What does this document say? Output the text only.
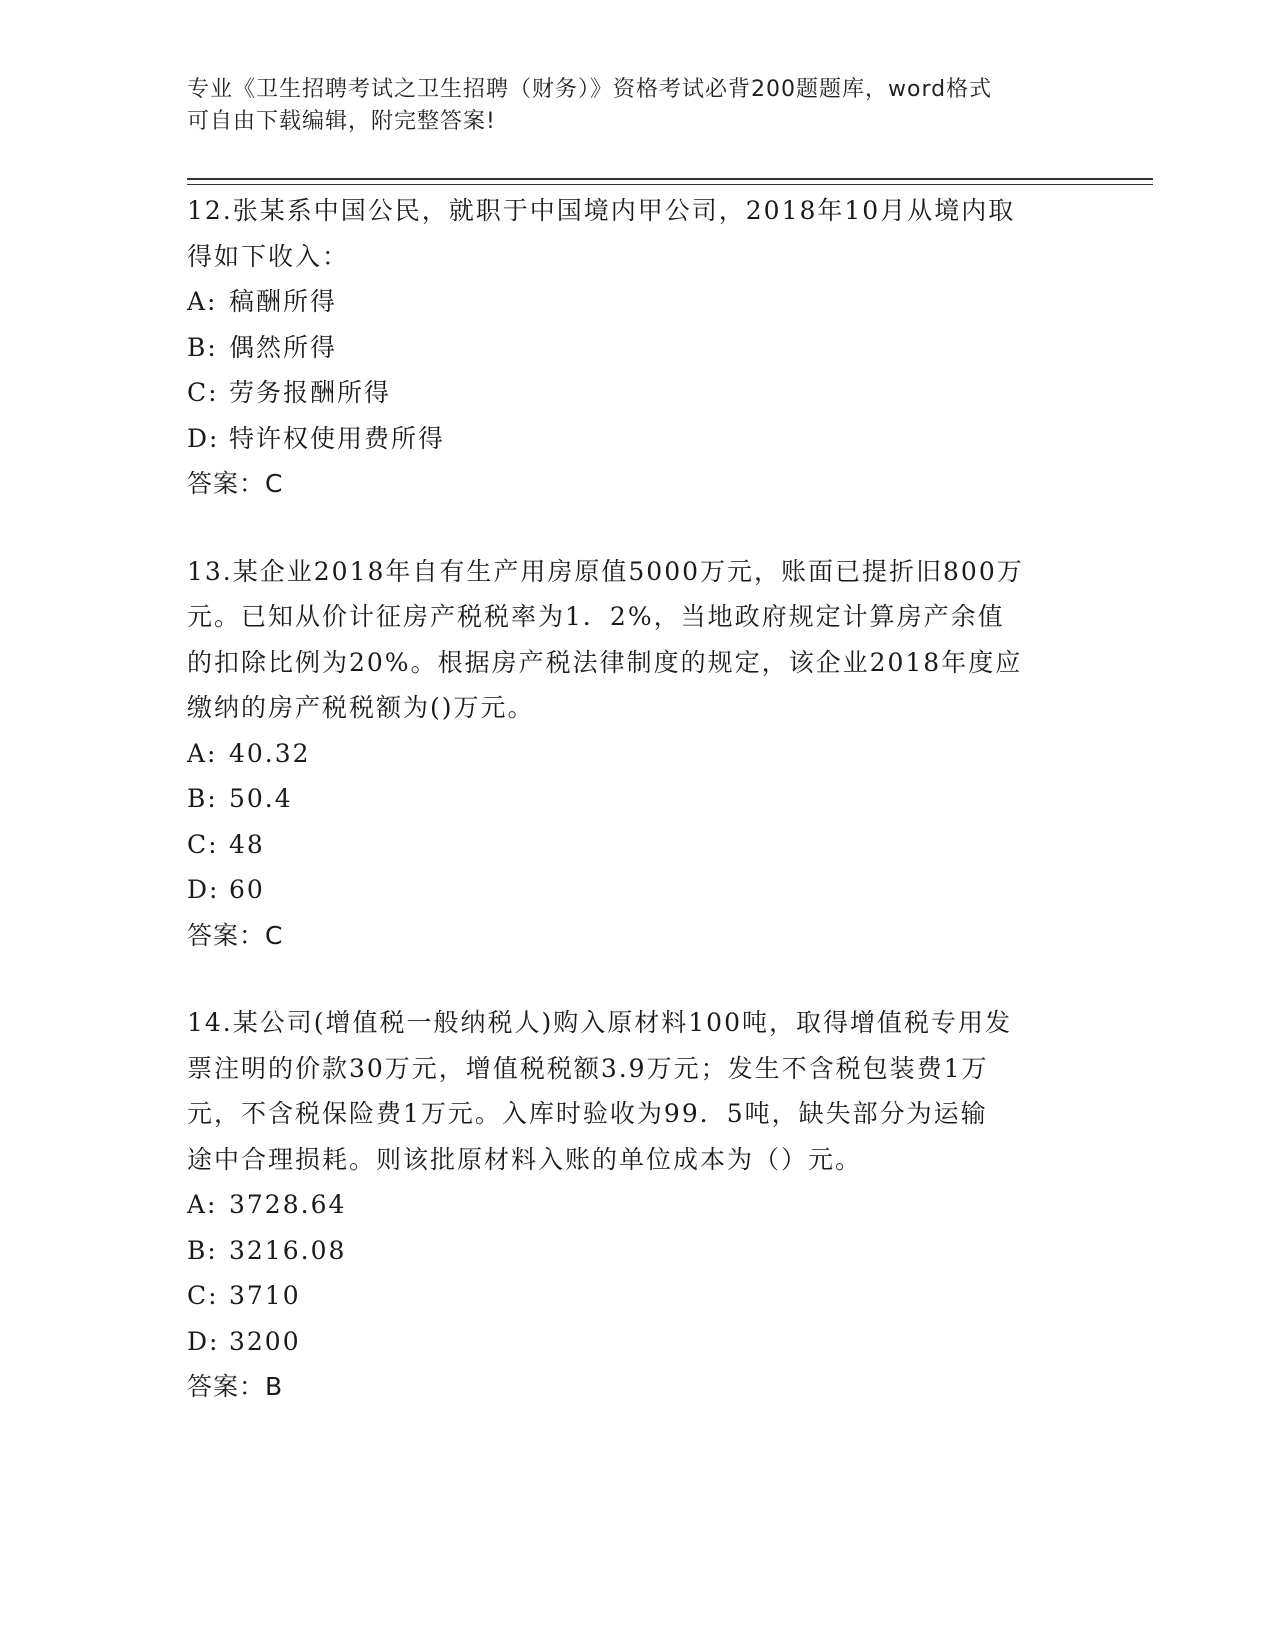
专业《卫生招聘考试之卫生招聘（财务）》资格考试必背200题题库，word格式

可自由下载编辑，附完整答案!

12.张某系中国公民，就职于中国境内甲公司，2018年10月从境内取

得如下收入：

A: 稿酬所得

B: 偶然所得

C: 劳务报酬所得

D: 特许权使用费所得

答案：C

13.某企业2018年自有生产用房原值5000万元，账面已提折旧800万

元。已知从价计征房产税税率为1．2%，当地政府规定计算房产余值

的扣除比例为20%。根据房产税法律制度的规定，该企业2018年度应

缴纳的房产税税额为()万元。

A: 40.32

B: 50.4

C: 48

D: 60

答案：C

14.某公司(增值税一般纳税人)购入原材料100吨，取得增值税专用发

票注明的价款30万元，增值税税额3.9万元；发生不含税包装费1万

元，不含税保险费1万元。入库时验收为99．5吨，缺失部分为运输

途中合理损耗。则该批原材料入账的单位成本为（）元。

A: 3728.64

B: 3216.08

C: 3710

D: 3200

答案：B
